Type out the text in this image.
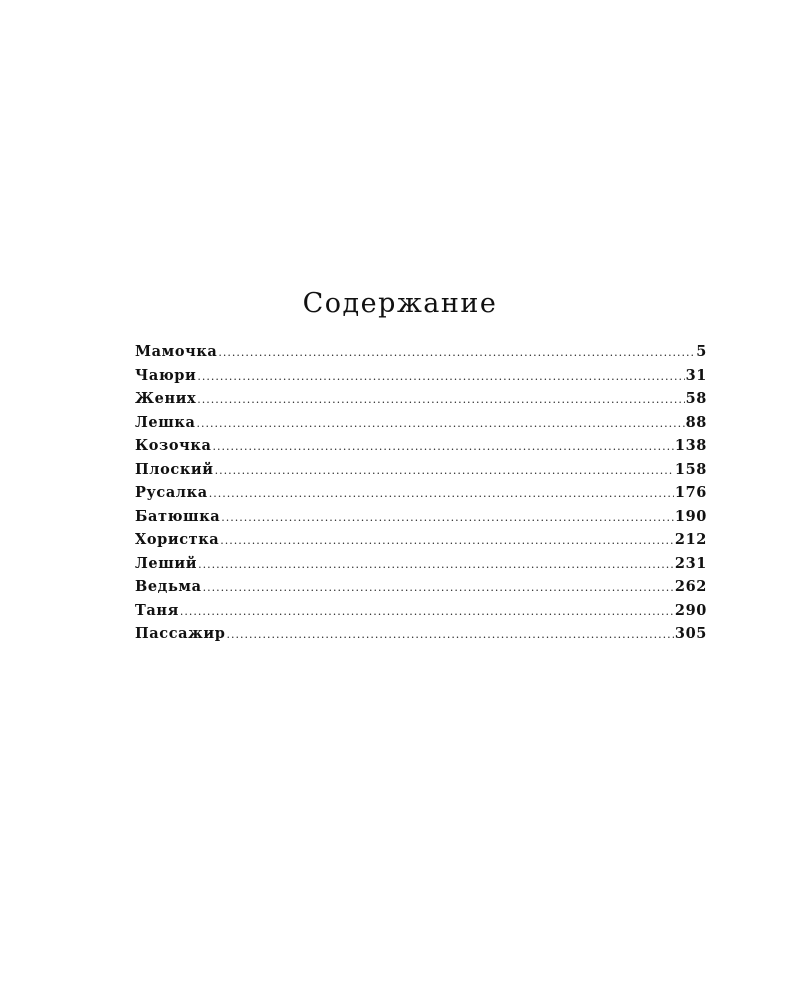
Содержание
Мамочка .....	5
Чаюри .....	31
Жених .....	58
Лешка .....	88
Козочка .....	138
Плоский .....	158
Русалка .....	176
Батюшка .....	190
Хористка .....	212
Леший .....	231
Ведьма .....	262
Таня .....	290
Пассажир .....	305
